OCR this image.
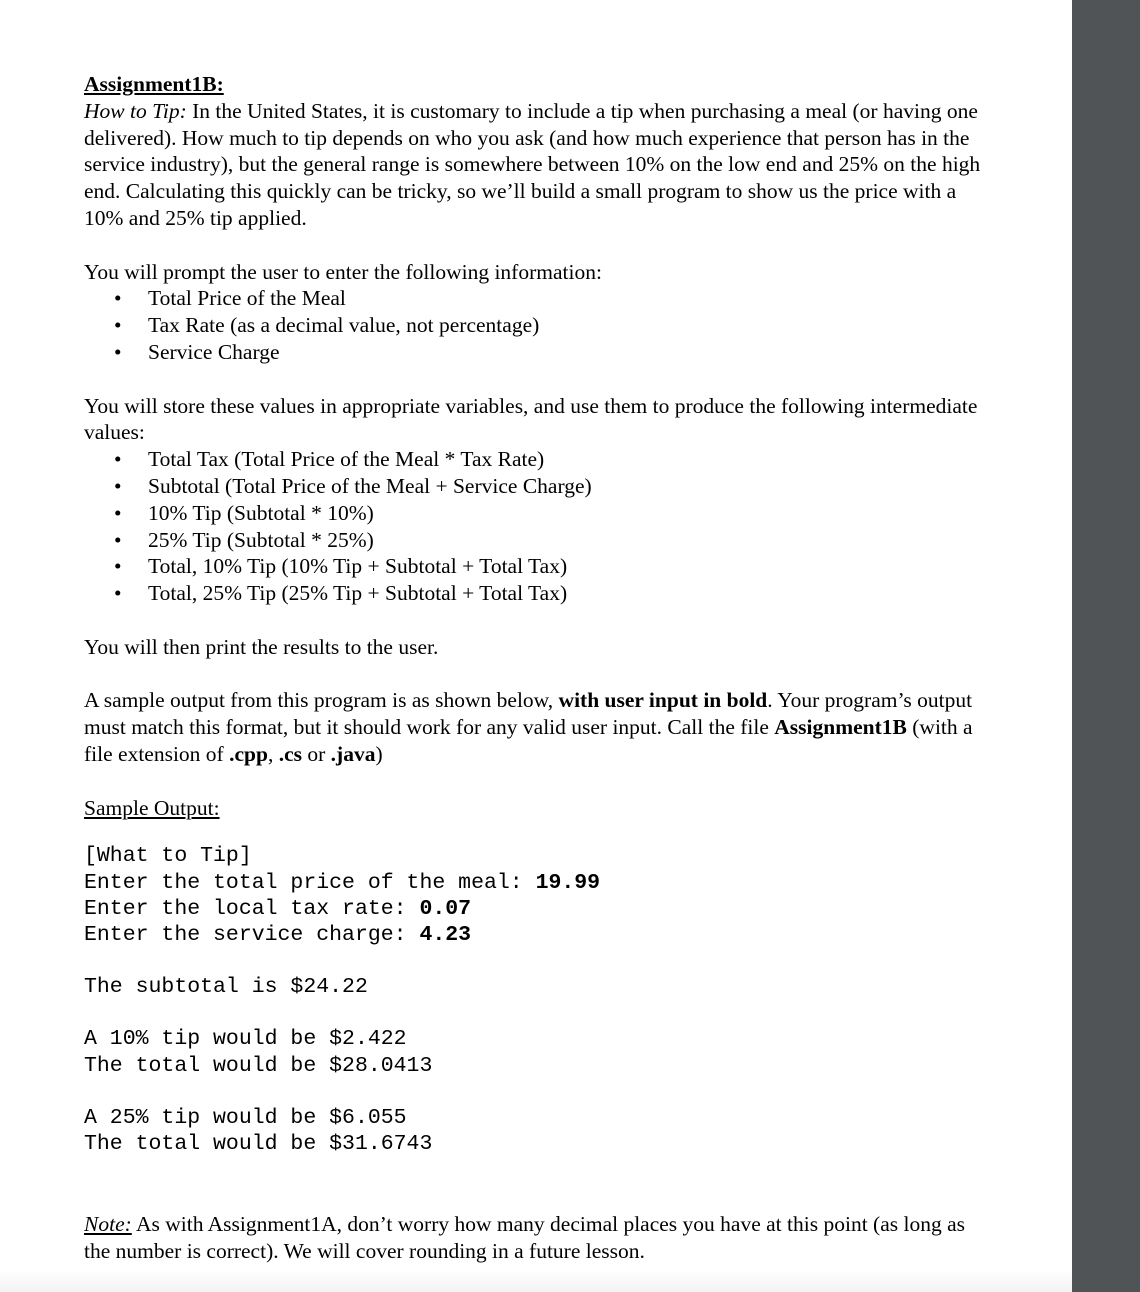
Assignment1B:

How to Tip: In the United States, it is customary to include a tip when purchasing a meal (or having one delivered). How much to tip depends on who you ask (and how much experience that person has in the service industry), but the general range is somewhere between 10% on the low end and 25% on the high end. Calculating this quickly can be tricky, so we’ll build a small program to show us the price with a 10% and 25% tip applied.

You will prompt the user to enter the following information:

• Total Price of the Meal
• Tax Rate (as a decimal value, not percentage)
• Service Charge

You will store these values in appropriate variables, and use them to produce the following intermediate values:

• Total Tax (Total Price of the Meal * Tax Rate)
• Subtotal (Total Price of the Meal + Service Charge)
• 10% Tip (Subtotal * 10%)
• 25% Tip (Subtotal * 25%)
• Total, 10% Tip (10% Tip + Subtotal + Total Tax)
• Total, 25% Tip (25% Tip + Subtotal + Total Tax)

You will then print the results to the user.

A sample output from this program is as shown below, with user input in bold. Your program’s output must match this format, but it should work for any valid user input. Call the file Assignment1B (with a file extension of .cpp, .cs or .java)

Sample Output:

[What to Tip]
Enter the total price of the meal: 19.99
Enter the local tax rate: 0.07
Enter the service charge: 4.23
The subtotal is $24.22
A 10% tip would be $2.422
The total would be $28.0413
A 25% tip would be $6.055
The total would be $31.6743

Note: As with Assignment1A, don’t worry how many decimal places you have at this point (as long as the number is correct). We will cover rounding in a future lesson.
